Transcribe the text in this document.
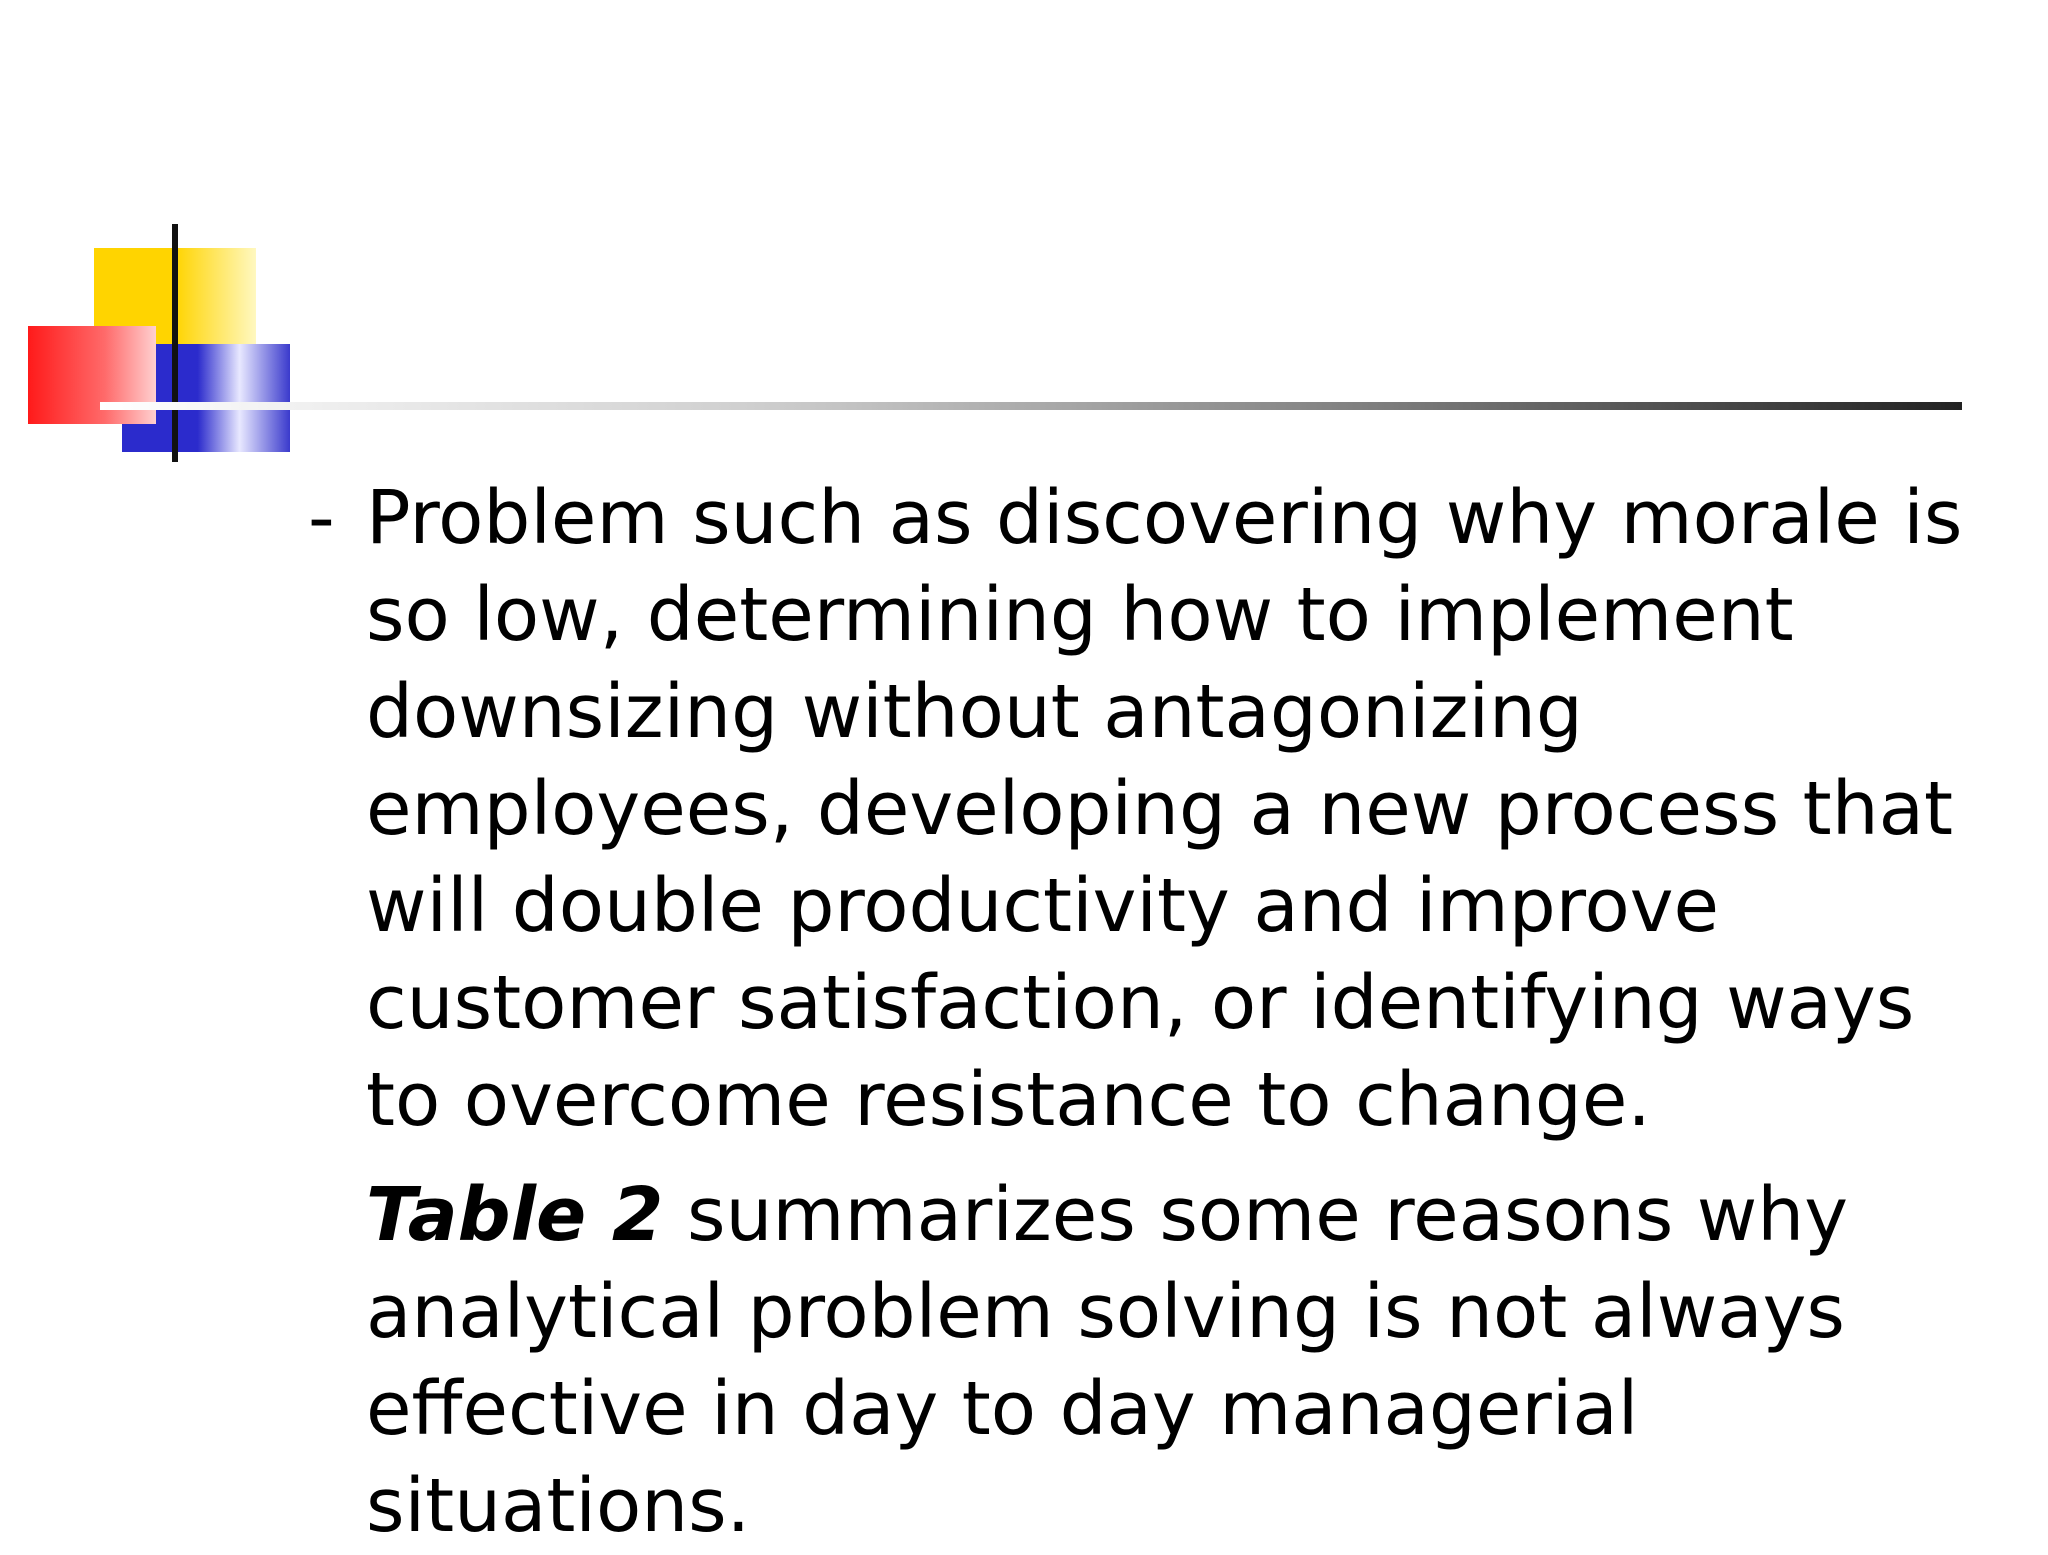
- Problem such as discovering why morale is so low, determining how to implement downsizing without antagonizing employees, developing a new process that will double productivity and improve customer satisfaction, or identifying ways to overcome resistance to change.

Table 2 summarizes some reasons why analytical problem solving is not always effective in day to day managerial situations.
